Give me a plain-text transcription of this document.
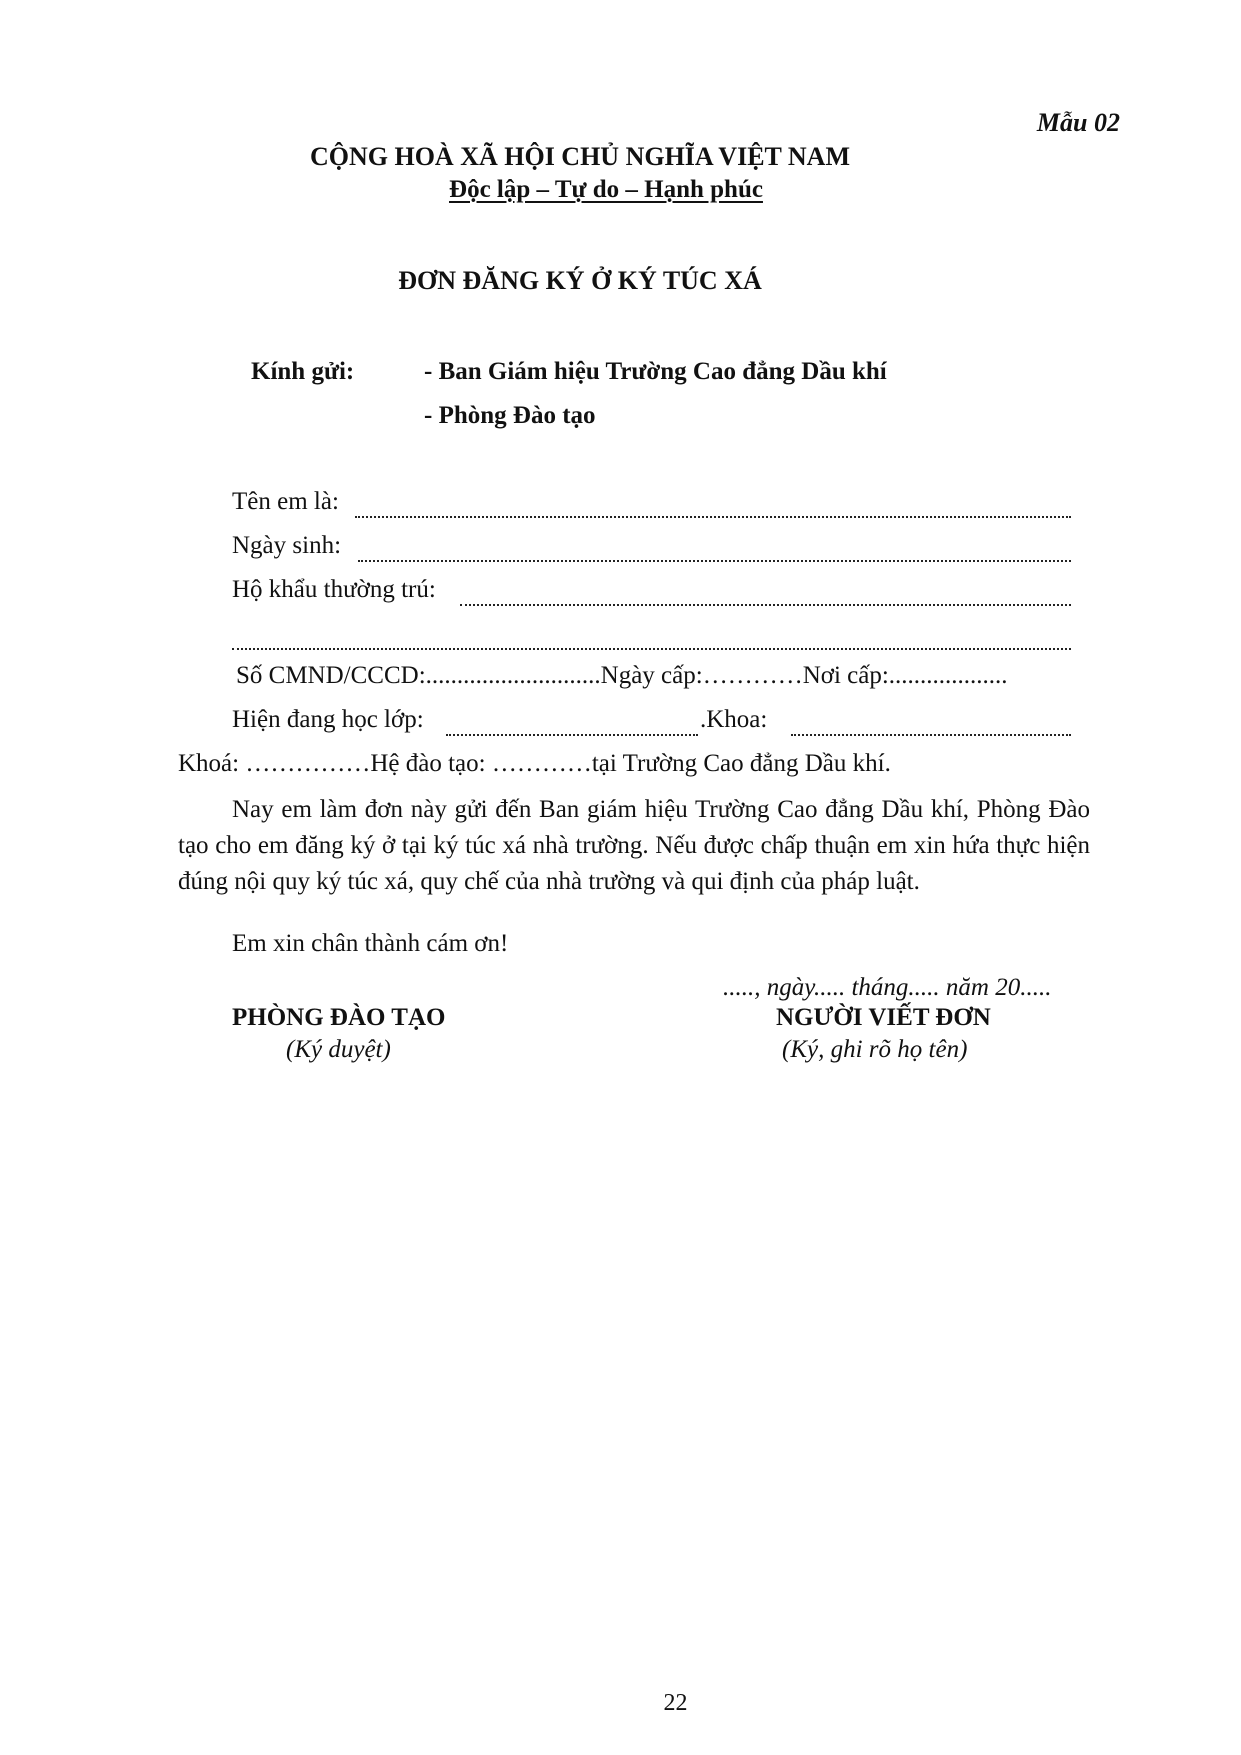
Mẫu 02
CỘNG HOÀ XÃ HỘI CHỦ NGHĨA VIỆT NAM
Độc lập – Tự do – Hạnh phúc
ĐƠN ĐĂNG KÝ Ở KÝ TÚC XÁ
Kính gửi:	- Ban Giám hiệu Trường Cao đẳng Dầu khí
- Phòng Đào tạo
Tên em là:
Ngày sinh:
Hộ khẩu thường trú:
Số CMND/CCCD:............................Ngày cấp:…………Nơi cấp:...................
Hiện đang học lớp:	.Khoa:
Khoá: ……………Hệ đào tạo: …………tại Trường Cao đẳng Dầu khí.
Nay em làm đơn này gửi đến Ban giám hiệu Trường Cao đẳng Dầu khí, Phòng Đào tạo cho em đăng ký ở tại ký túc xá nhà trường. Nếu được chấp thuận em xin hứa thực hiện đúng nội quy ký túc xá, quy chế của nhà trường và qui định của pháp luật.
Em xin chân thành cám ơn!
....., ngày..... tháng..... năm 20.....
PHÒNG ĐÀO TẠO
(Ký duyệt)
NGƯỜI VIẾT ĐƠN
(Ký, ghi rõ họ tên)
22
